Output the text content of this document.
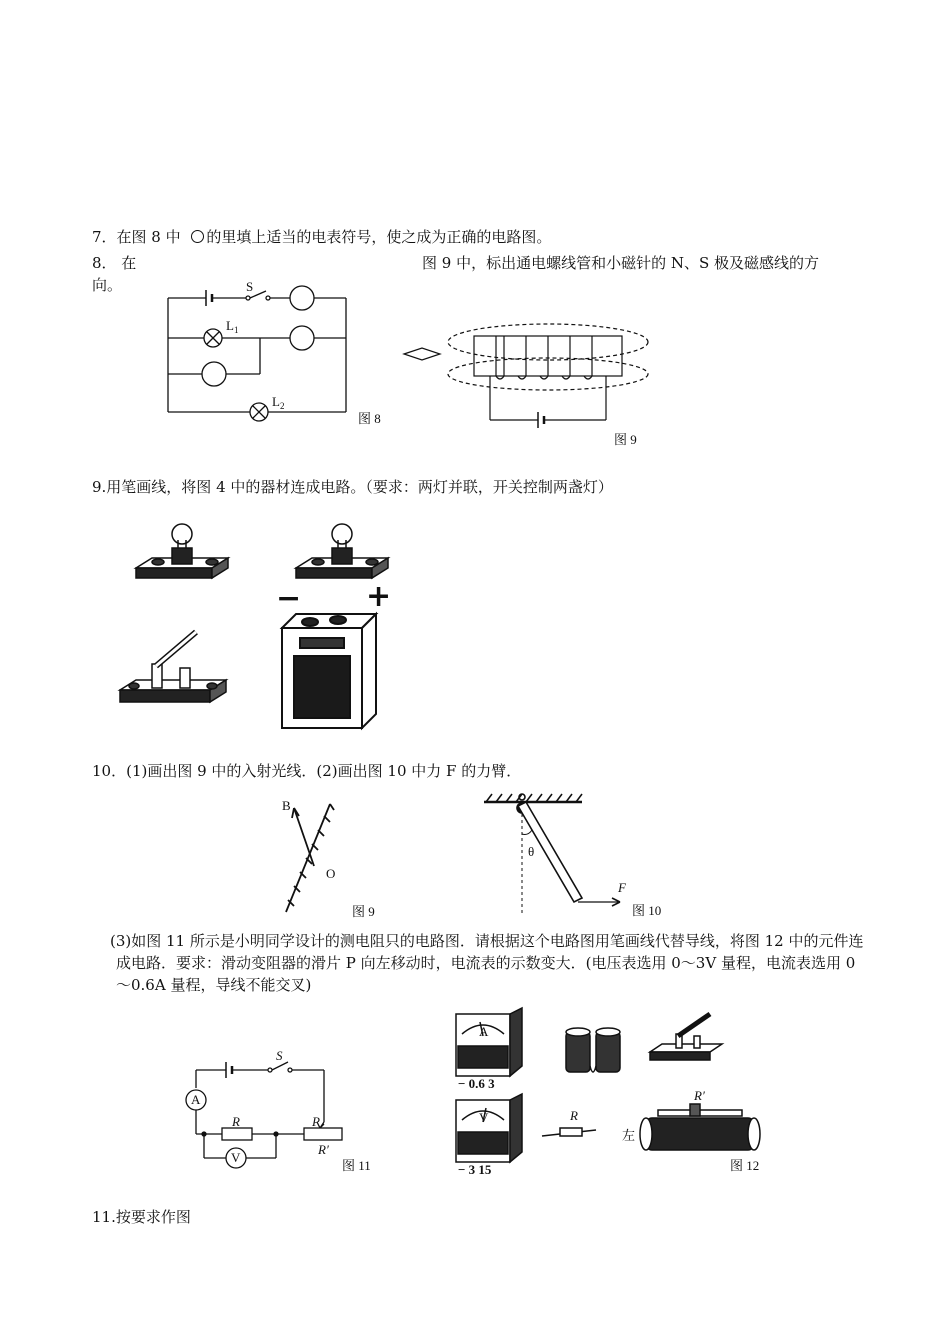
7．在图 8 中 的里填上适当的电表符号，使之成为正确的电路图。
8． 在	图 9 中，标出通电螺线管和小磁针的 N、S 极及磁感线的方
向。	S
$L_1$
$L_2$
图 8
图 9
9.用笔画线，将图 4 中的器材连成电路。（要求：两灯并联，开关控制两盏灯）
− +
10．(1)画出图 9 中的入射光线．(2)画出图 10 中力 F 的力臂．
B
O
图 9
θ
F
图 10
(3)如图 11 所示是小明同学设计的测电阻只的电路图．请根据这个电路图用笔画线代替导线，将图 12 中的元件连成电路．要求：滑动变阻器的滑片 P 向左移动时，电流表的示数变大．(电压表选用 0～3V 量程，电流表选用 0～0.6A 量程，导线不能交叉)
S
A
R	P
R′
V
图 11
A
− 0.6 3
V
− 3 15
R
R′
左
图 12
11.按要求作图
